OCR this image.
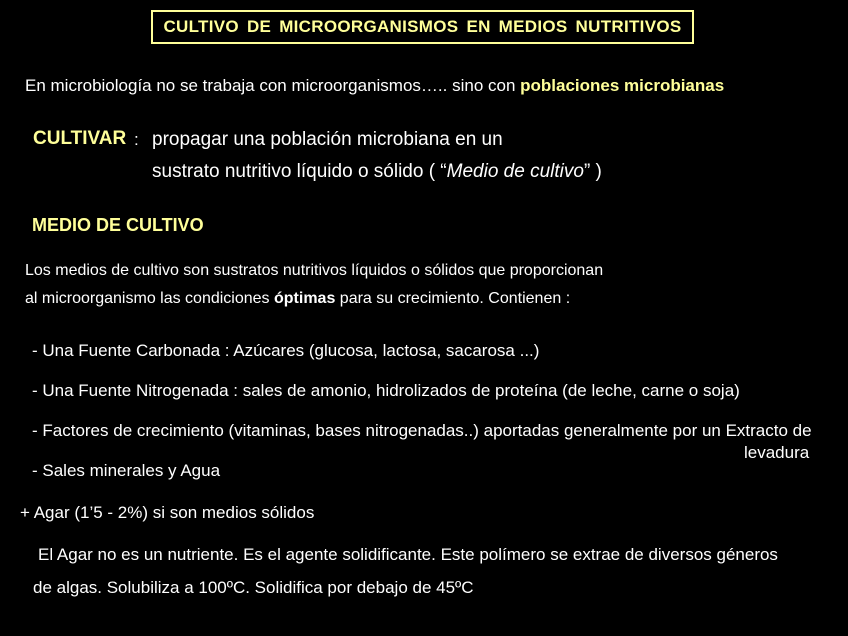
CULTIVO DE MICROORGANISMOS EN MEDIOS NUTRITIVOS
En microbiología no se trabaja con microorganismos….. sino con poblaciones microbianas
CULTIVAR : propagar una población microbiana en un
sustrato nutritivo líquido o sólido ( “Medio de cultivo” )
MEDIO DE CULTIVO
Los medios de cultivo son sustratos nutritivos líquidos o sólidos que proporcionan
al microorganismo las condiciones óptimas para su crecimiento. Contienen :
- Una Fuente Carbonada : Azúcares (glucosa, lactosa, sacarosa ...)
- Una Fuente Nitrogenada : sales de amonio, hidrolizados de proteína (de leche, carne o soja)
- Factores de crecimiento (vitaminas, bases nitrogenadas..) aportadas generalmente por un Extracto de
levadura
- Sales minerales y Agua
+ Agar (1’5 - 2%) si son medios sólidos
El Agar no es un nutriente. Es el agente solidificante. Este polímero se extrae de diversos géneros
de algas. Solubiliza a 100ºC. Solidifica por debajo de 45ºC
